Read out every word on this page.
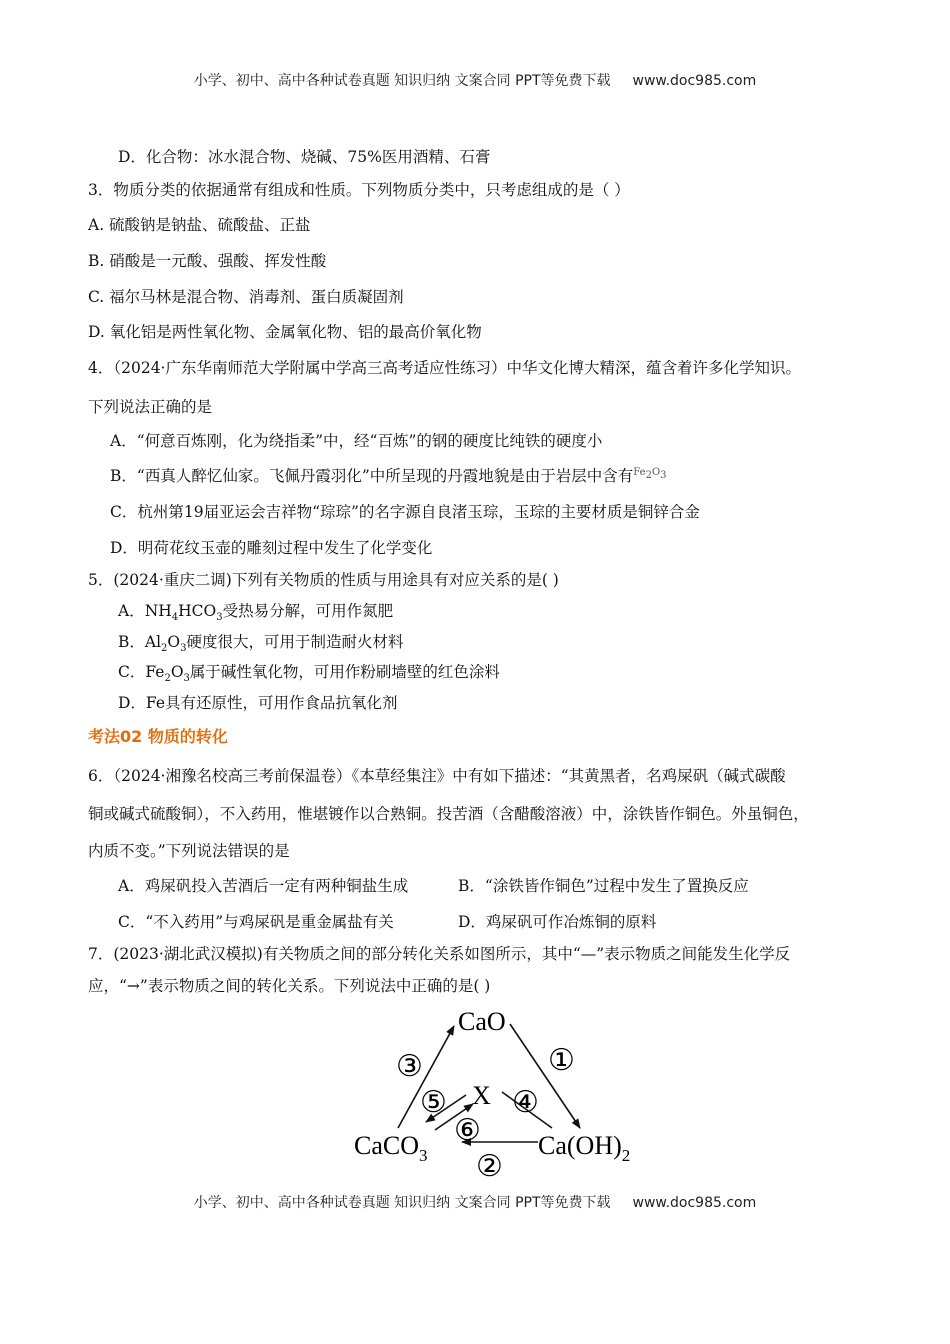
小学、初中、高中各种试卷真题 知识归纳 文案合同 PPT等免费下载 www.doc985.com
D．化合物：冰水混合物、烧碱、75%医用酒精、石膏
3．物质分类的依据通常有组成和性质。下列物质分类中，只考虑组成的是（ ）
A. 硫酸钠是钠盐、硫酸盐、正盐
B. 硝酸是一元酸、强酸、挥发性酸
C. 福尔马林是混合物、消毒剂、蛋白质凝固剂
D. 氧化铝是两性氧化物、金属氧化物、铝的最高价氧化物
4．（2024·广东华南师范大学附属中学高三高考适应性练习）中华文化博大精深，蕴含着许多化学知识。
下列说法正确的是
A．“何意百炼刚，化为绕指柔”中，经“百炼”的钢的硬度比纯铁的硬度小
B．“西真人醉忆仙家。飞佩丹霞羽化”中所呈现的丹霞地貌是由于岩层中含有$^{Fe_2O_3}$
C．杭州第19届亚运会吉祥物“琮琮”的名字源自良渚玉琮，玉琮的主要材质是铜锌合金
D．明荷花纹玉壶的雕刻过程中发生了化学变化
5．(2024·重庆二调)下列有关物质的性质与用途具有对应关系的是( )
A．$NH_4HCO_3$受热易分解，可用作氮肥
B．$Al_2O_3$硬度很大，可用于制造耐火材料
C．$Fe_2O_3$属于碱性氧化物，可用作粉刷墙壁的红色涂料
D．Fe具有还原性，可用作食品抗氧化剂
考法02 物质的转化
6．（2024·湘豫名校高三考前保温卷）《本草经集注》中有如下描述：“其黄黑者，名鸡屎矾（碱式碳酸
铜或碱式硫酸铜），不入药用，惟堪镀作以合熟铜。投苦酒（含醋酸溶液）中，涂铁皆作铜色。外虽铜色，
内质不变。”下列说法错误的是
A．鸡屎矾投入苦酒后一定有两种铜盐生成	B．“涂铁皆作铜色”过程中发生了置换反应
C．“不入药用”与鸡屎矾是重金属盐有关	D．鸡屎矾可作冶炼铜的原料
7．(2023·湖北武汉模拟)有关物质之间的部分转化关系如图所示，其中“—”表示物质之间能发生化学反
应，“→”表示物质之间的转化关系。下列说法中正确的是( )
CaO
X
CaCO$_3$	$Ca(OH)_2$
①
②
③
④
⑤
⑥
小学、初中、高中各种试卷真题 知识归纳 文案合同 PPT等免费下载 www.doc985.com
